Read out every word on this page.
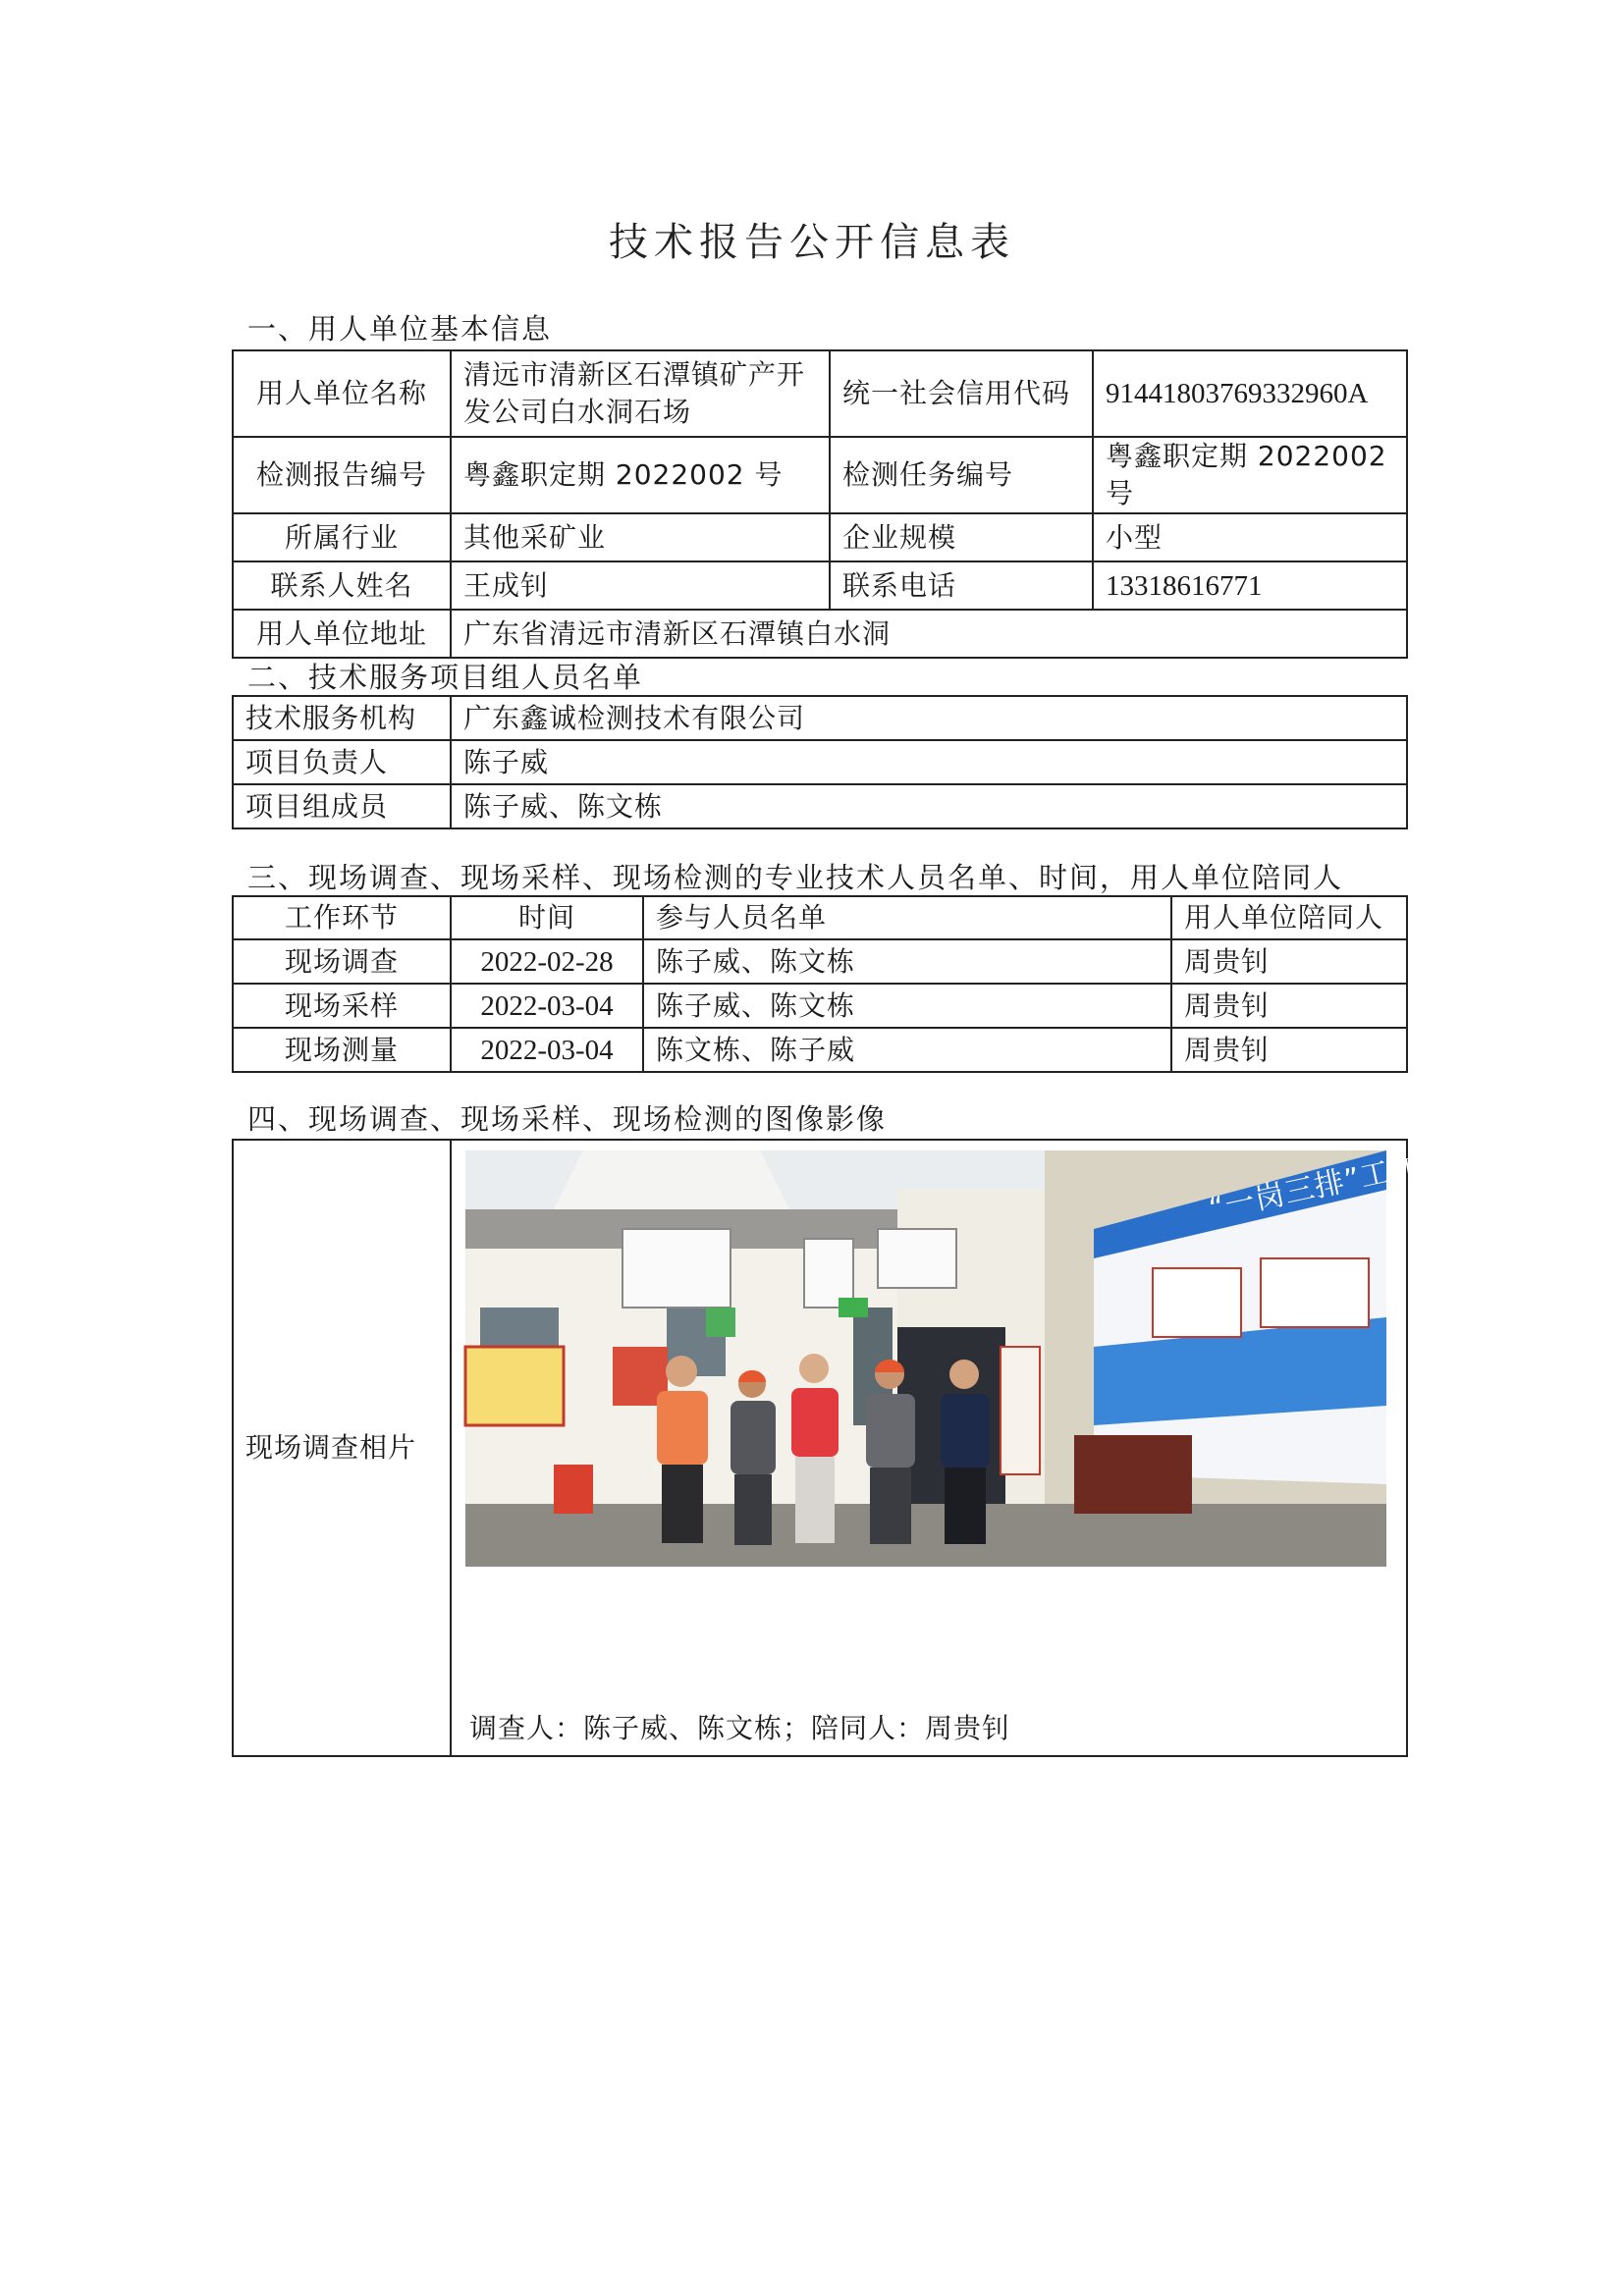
技术报告公开信息表
一、用人单位基本信息
用人单位名称	清远市清新区石潭镇矿产开发公司白水洞石场	统一社会信用代码	91441803769332960A
检测报告编号	粤鑫职定期 2022002 号	检测任务编号	粤鑫职定期 2022002 号
所属行业	其他采矿业	企业规模	小型
联系人姓名	王成钊	联系电话	13318616771
用人单位地址	广东省清远市清新区石潭镇白水洞		
二、技术服务项目组人员名单
技术服务机构	广东鑫诚检测技术有限公司
项目负责人	陈子威
项目组成员	陈子威、陈文栋
三、现场调查、现场采样、现场检测的专业技术人员名单、时间，用人单位陪同人
工作环节	时间	参与人员名单	用人单位陪同人
现场调查	2022-02-28	陈子威、陈文栋	周贵钊
现场采样	2022-03-04	陈子威、陈文栋	周贵钊
现场测量	2022-03-04	陈文栋、陈子威	周贵钊
四、现场调查、现场采样、现场检测的图像影像
现场调查相片	
“一岗三排”工作机制
调查人：陈子威、陈文栋；陪同人：周贵钊
